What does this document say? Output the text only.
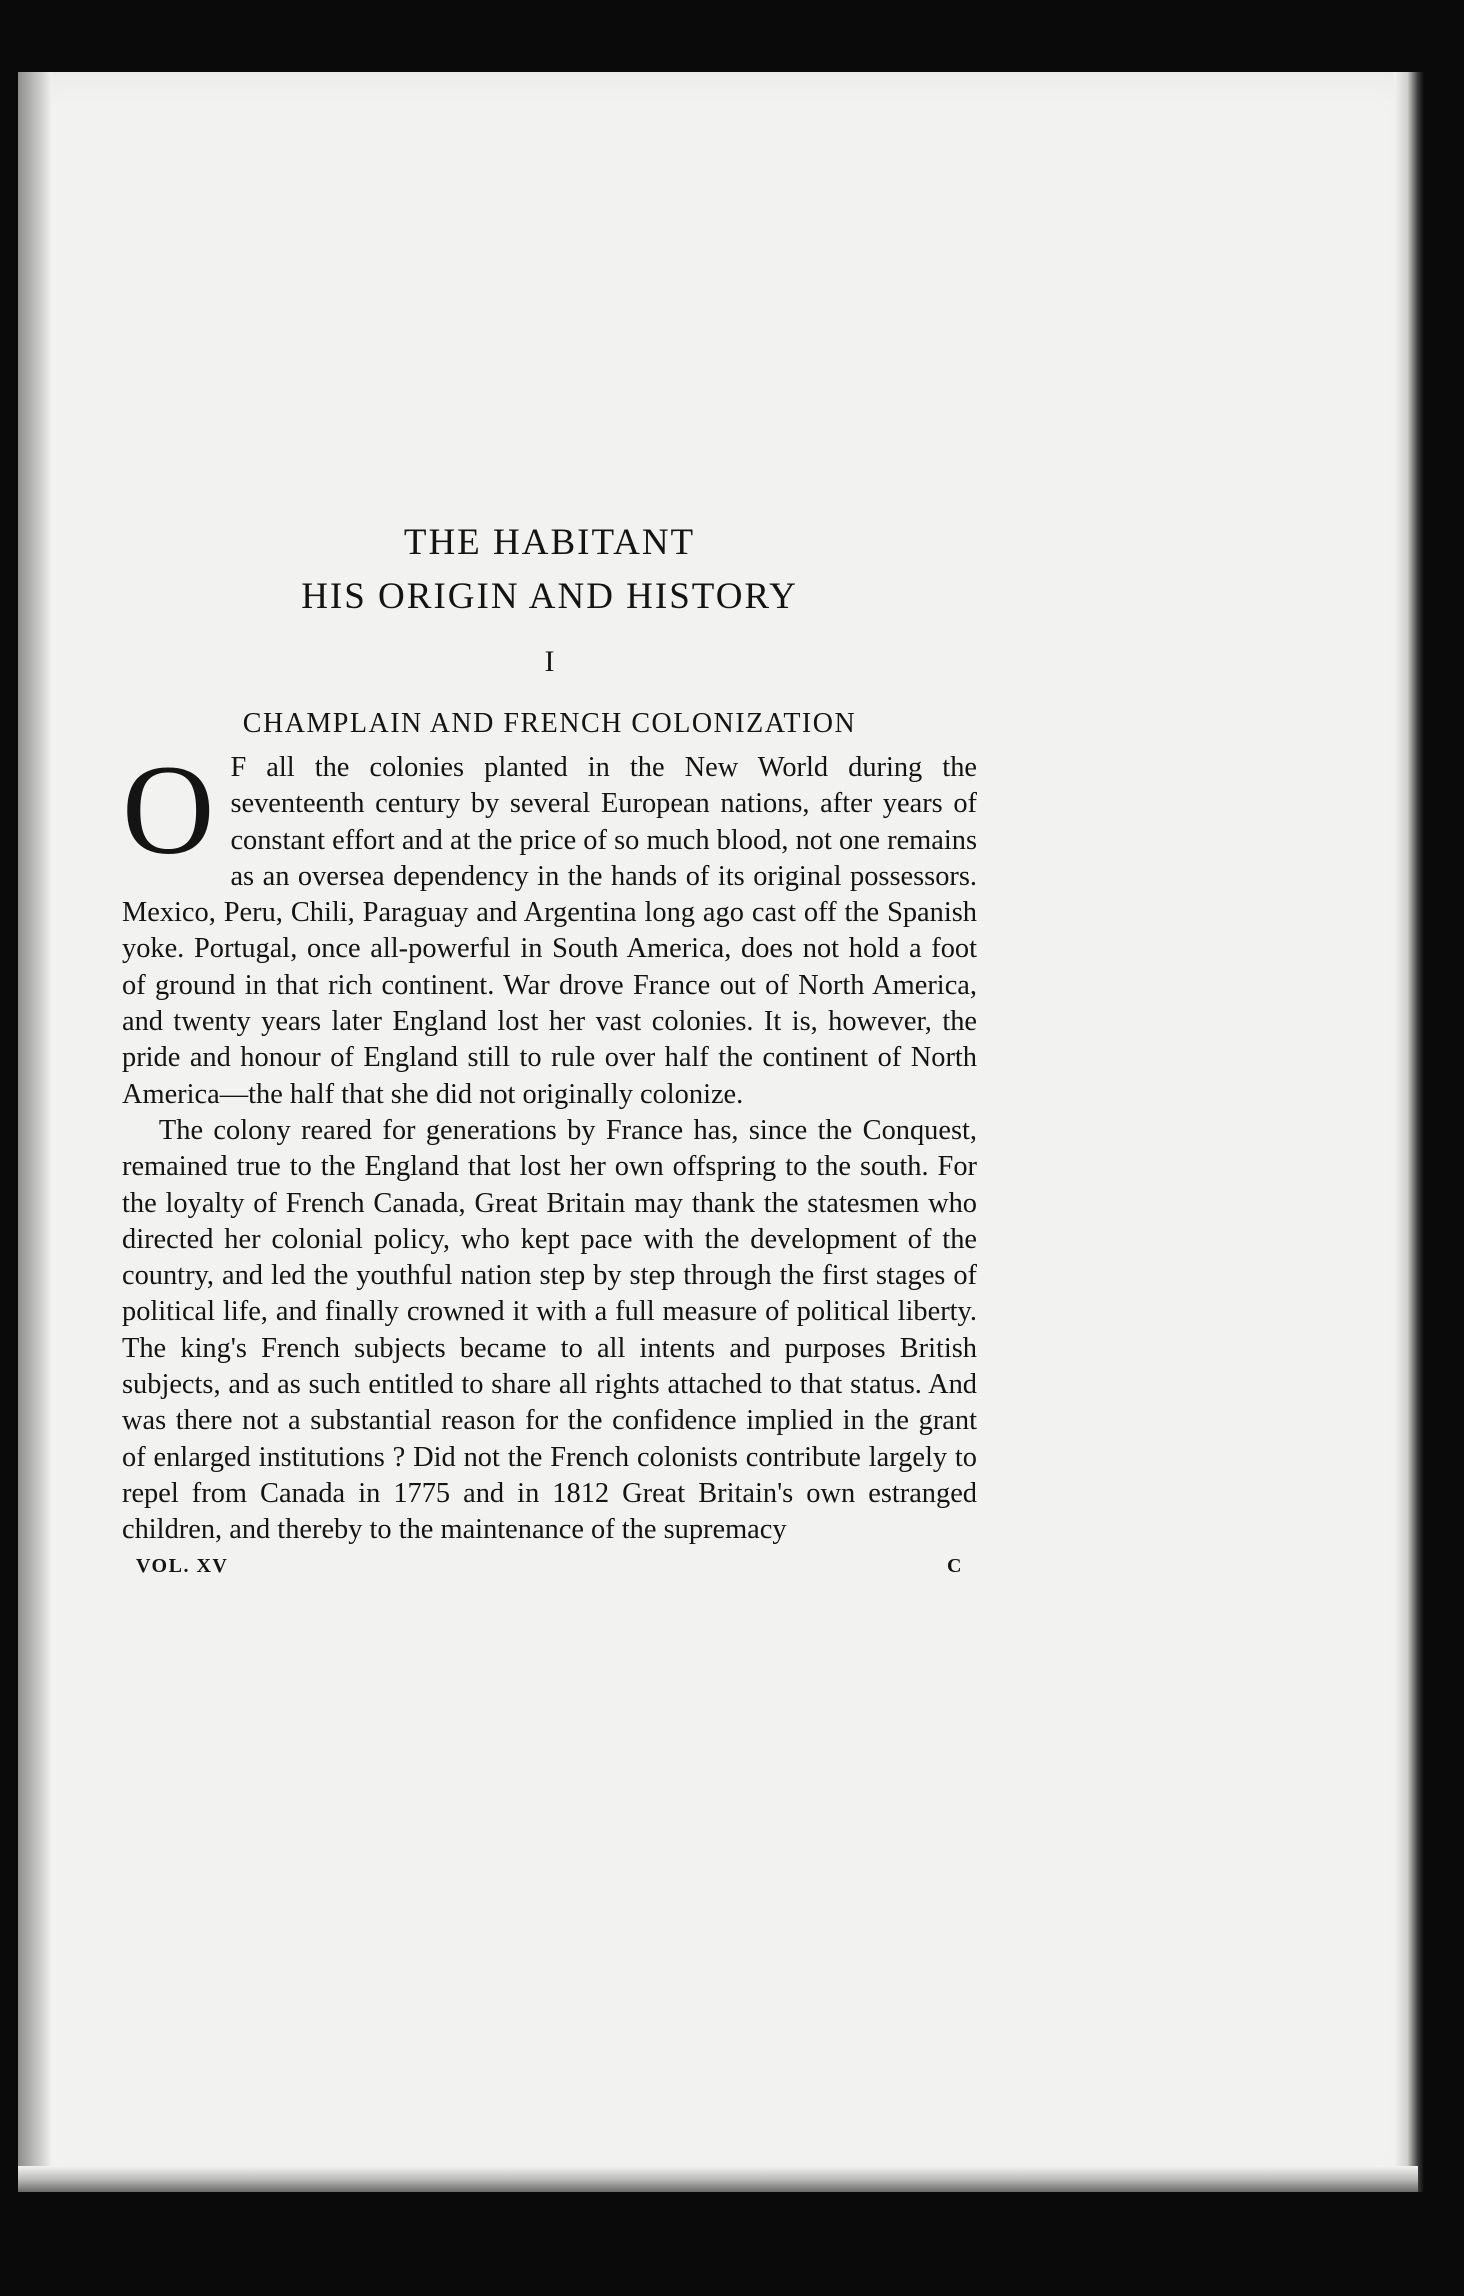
THE HABITANT
HIS ORIGIN AND HISTORY
I
CHAMPLAIN AND FRENCH COLONIZATION

O F all the colonies planted in the New World during the seventeenth century by several European nations, after years of constant effort and at the price of so much blood, not one remains as an oversea dependency in the hands of its original possessors. Mexico, Peru, Chili, Paraguay and Argentina long ago cast off the Spanish yoke. Portugal, once all-powerful in South America, does not hold a foot of ground in that rich continent. War drove France out of North America, and twenty years later England lost her vast colonies. It is, however, the pride and honour of England still to rule over half the continent of North America—the half that she did not originally colonize.

The colony reared for generations by France has, since the Conquest, remained true to the England that lost her own offspring to the south. For the loyalty of French Canada, Great Britain may thank the statesmen who directed her colonial policy, who kept pace with the development of the country, and led the youthful nation step by step through the first stages of political life, and finally crowned it with a full measure of political liberty. The king's French subjects became to all intents and purposes British subjects, and as such entitled to share all rights attached to that status. And was there not a substantial reason for the confidence implied in the grant of enlarged institutions ? Did not the French colonists contribute largely to repel from Canada in 1775 and in 1812 Great Britain's own estranged children, and thereby to the maintenance of the supremacy

VOL. XV	C
